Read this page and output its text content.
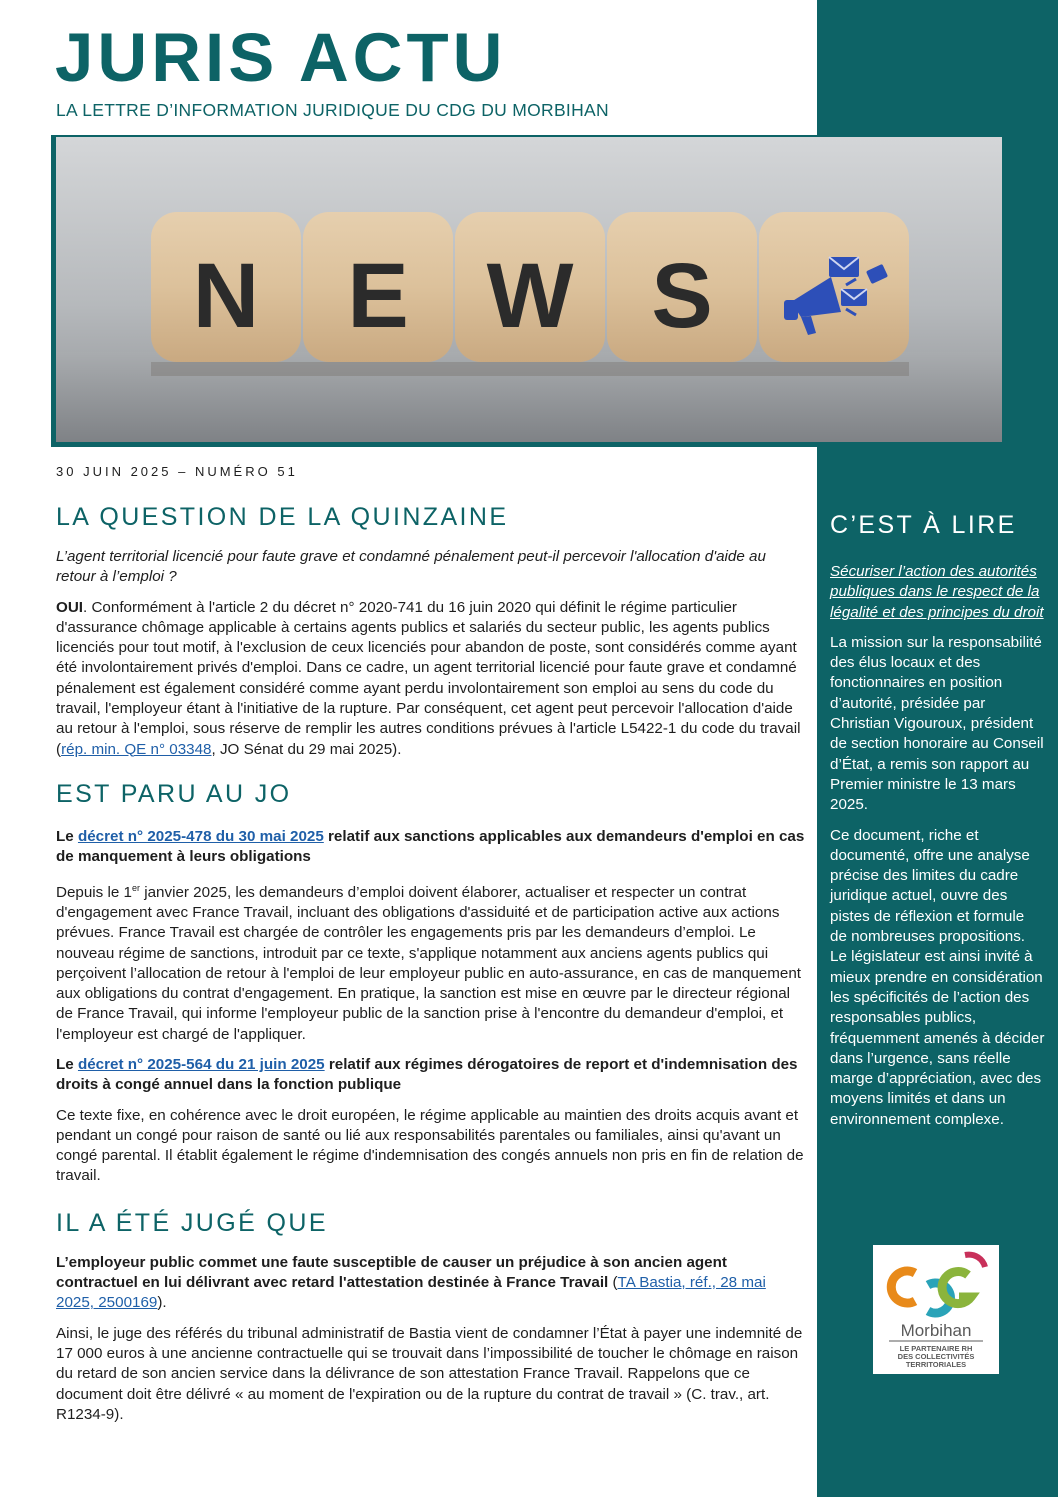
JURIS ACTU
LA LETTRE D’INFORMATION JURIDIQUE DU CDG DU MORBIHAN
N E W S
30 JUIN 2025 – NUMÉRO 51
LA QUESTION DE LA QUINZAINE

L’agent territorial licencié pour faute grave et condamné pénalement peut-il percevoir l'allocation d'aide au retour à l’emploi ?

OUI. Conformément à l'article 2 du décret n° 2020-741 du 16 juin 2020 qui définit le régime particulier d'assurance chômage applicable à certains agents publics et salariés du secteur public, les agents publics licenciés pour tout motif, à l'exclusion de ceux licenciés pour abandon de poste, sont considérés comme ayant été involontairement privés d'emploi. Dans ce cadre, un agent territorial licencié pour faute grave et condamné pénalement est également considéré comme ayant perdu involontairement son emploi au sens du code du travail, l'employeur étant à l'initiative de la rupture. Par conséquent, cet agent peut percevoir l'allocation d'aide au retour à l'emploi, sous réserve de remplir les autres conditions prévues à l'article L5422-1 du code du travail (rép. min. QE n° 03348, JO Sénat du 29 mai 2025).

EST PARU AU JO

Le décret n° 2025-478 du 30 mai 2025 relatif aux sanctions applicables aux demandeurs d'emploi en cas de manquement à leurs obligations

Depuis le 1er janvier 2025, les demandeurs d’emploi doivent élaborer, actualiser et respecter un contrat d'engagement avec France Travail, incluant des obligations d'assiduité et de participation active aux actions prévues. France Travail est chargée de contrôler les engagements pris par les demandeurs d’emploi. Le nouveau régime de sanctions, introduit par ce texte, s'applique notamment aux anciens agents publics qui perçoivent l’allocation de retour à l'emploi de leur employeur public en auto-assurance, en cas de manquement aux obligations du contrat d'engagement. En pratique, la sanction est mise en œuvre par le directeur régional de France Travail, qui informe l'employeur public de la sanction prise à l'encontre du demandeur d'emploi, et l'employeur est chargé de l'appliquer.

Le décret n° 2025-564 du 21 juin 2025 relatif aux régimes dérogatoires de report et d'indemnisation des droits à congé annuel dans la fonction publique

Ce texte fixe, en cohérence avec le droit européen, le régime applicable au maintien des droits acquis avant et pendant un congé pour raison de santé ou lié aux responsabilités parentales ou familiales, ainsi qu'avant un congé parental. Il établit également le régime d'indemnisation des congés annuels non pris en fin de relation de travail.

IL A ÉTÉ JUGÉ QUE

L’employeur public commet une faute susceptible de causer un préjudice à son ancien agent contractuel en lui délivrant avec retard l'attestation destinée à France Travail (TA Bastia, réf., 28 mai 2025, 2500169).

Ainsi, le juge des référés du tribunal administratif de Bastia vient de condamner l’État à payer une indemnité de 17 000 euros à une ancienne contractuelle qui se trouvait dans l’impossibilité de toucher le chômage en raison du retard de son ancien service dans la délivrance de son attestation France Travail. Rappelons que ce document doit être délivré « au moment de l'expiration ou de la rupture du contrat de travail » (C. trav., art. R1234-9).

C’EST À LIRE

Sécuriser l’action des autorités publiques dans le respect de la légalité et des principes du droit

La mission sur la responsabilité des élus locaux et des fonctionnaires en position d’autorité, présidée par Christian Vigouroux, président de section honoraire au Conseil d’État, a remis son rapport au Premier ministre le 13 mars 2025.

Ce document, riche et documenté, offre une analyse précise des limites du cadre juridique actuel, ouvre des pistes de réflexion et formule de nombreuses propositions. Le législateur est ainsi invité à mieux prendre en considération les spécificités de l’action des responsables publics, fréquemment amenés à décider dans l’urgence, sans réelle marge d’appréciation, avec des moyens limités et dans un environnement complexe.

Morbihan
LE PARTENAIRE RH
DES COLLECTIVITÉS
TERRITORIALES
